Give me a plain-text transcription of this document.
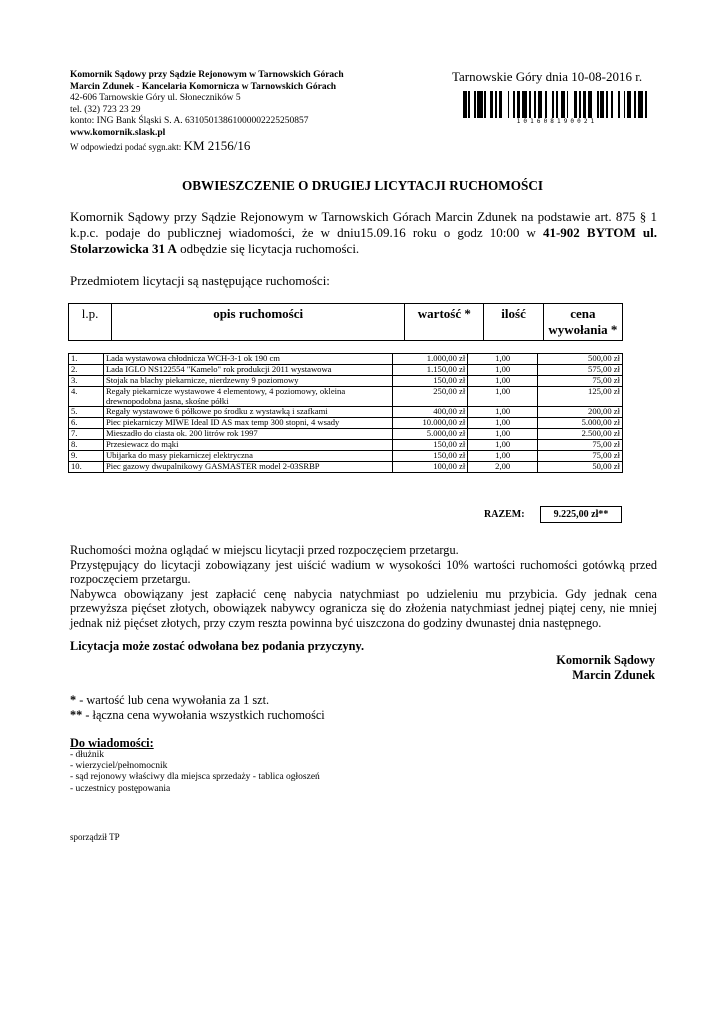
Komornik Sądowy przy Sądzie Rejonowym w Tarnowskich Górach
Marcin Zdunek - Kancelaria Komornicza w Tarnowskich Górach
42-606 Tarnowskie Góry ul. Słoneczników 5
tel. (32) 723 23 29
konto: ING Bank Śląski S. A. 63105013861000002225250857
www.komornik.slask.pl
W odpowiedzi podać sygn.akt: KM 2156/16
Tarnowskie Góry dnia 10-08-2016 r.
101608190021
OBWIESZCZENIE O DRUGIEJ LICYTACJI RUCHOMOŚCI
Komornik Sądowy przy Sądzie Rejonowym w Tarnowskich Górach Marcin Zdunek na podstawie art. 875 § 1 k.p.c. podaje do publicznej wiadomości, że w dniu15.09.16 roku o godz 10:00 w 41-902 BYTOM ul. Stolarzowicka 31 A odbędzie się licytacja ruchomości.
Przedmiotem licytacji są następujące ruchomości:
l.p.	opis ruchomości	wartość *	ilość	cena
wywołania *
1.	Lada wystawowa chłodnicza WCH-3-1 ok 190 cm	1.000,00 zł	1,00	500,00 zł
2.	Lada IGLO NS122554 "Kamelo" rok produkcji 2011 wystawowa	1.150,00 zł	1,00	575,00 zł
3.	Stojak na blachy piekarnicze, nierdzewny 9 poziomowy	150,00 zł	1,00	75,00 zł
4.	Regały piekarnicze wystawowe 4 elementowy, 4 poziomowy, okleina drewnopodobna jasna, skośne półki	250,00 zł	1,00	125,00 zł
5.	Regały wystawowe 6 półkowe po środku z wystawką i szafkami	400,00 zł	1,00	200,00 zł
6.	Piec piekarniczy MIWE Ideal ID AS max temp 300 stopni, 4 wsady	10.000,00 zł	1,00	5.000,00 zł
7.	Mieszadło do ciasta ok. 200 litrów rok 1997	5.000,00 zł	1,00	2.500,00 zł
8.	Przesiewacz do mąki	150,00 zł	1,00	75,00 zł
9.	Ubijarka do masy piekarniczej elektryczna	150,00 zł	1,00	75,00 zł
10.	Piec gazowy dwupalnikowy GASMASTER model 2-03SRBP	100,00 zł	2,00	50,00 zł
RAZEM:	9.225,00 zł**

Ruchomości można oglądać w miejscu licytacji przed rozpoczęciem przetargu.

Przystępujący do licytacji zobowiązany jest uiścić wadium w wysokości 10% wartości ruchomości gotówką przed rozpoczęciem przetargu.

Nabywca obowiązany jest zapłacić cenę nabycia natychmiast po udzieleniu mu przybicia. Gdy jednak cena przewyższa pięćset złotych, obowiązek nabywcy ogranicza się do złożenia natychmiast jednej piątej ceny, nie mniej jednak niż pięćset złotych, przy czym reszta powinna być uiszczona do godziny dwunastej dnia następnego.

Licytacja może zostać odwołana bez podania przyczyny.
Komornik Sądowy
Marcin Zdunek
* - wartość lub cena wywołania za 1 szt.
** - łączna cena wywołania wszystkich ruchomości
Do wiadomości:
- dłużnik
- wierzyciel/pełnomocnik
- sąd rejonowy właściwy dla miejsca sprzedaży - tablica ogłoszeń
- uczestnicy postępowania
sporządził TP
